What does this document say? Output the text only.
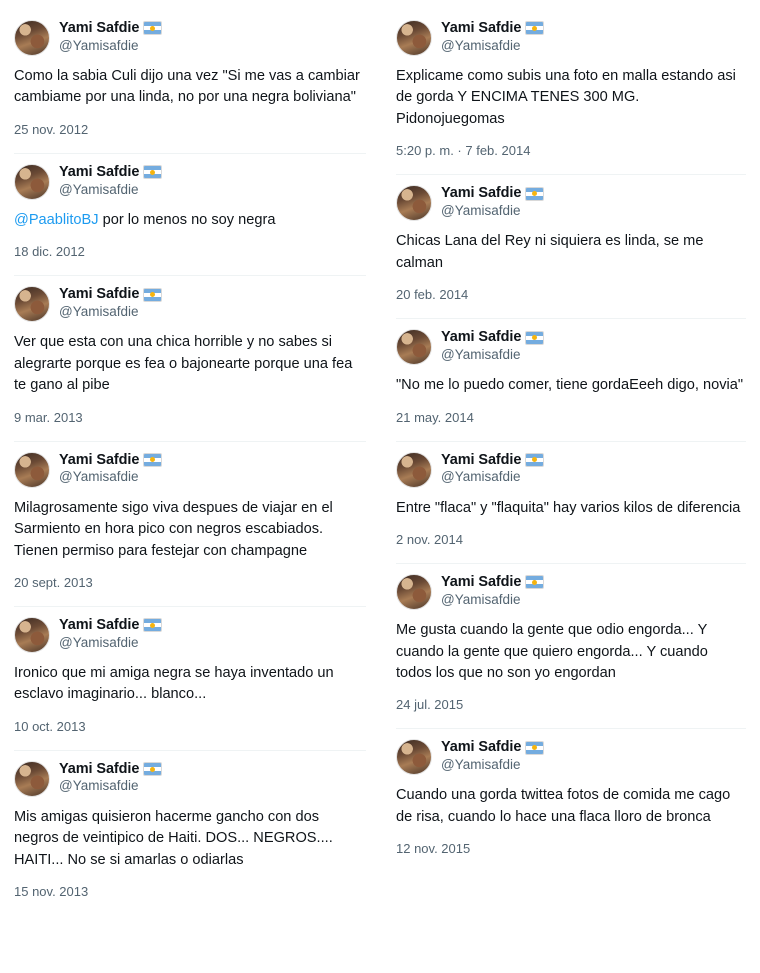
Yami Safdie
@Yamisafdie

Como la sabia Culi dijo una vez "Si me vas a cambiar cambiame por una linda, no por una negra boliviana"

25 nov. 2012
Yami Safdie
@Yamisafdie

@PaablitoBJ por lo menos no soy negra

18 dic. 2012
Yami Safdie
@Yamisafdie

Ver que esta con una chica horrible y no sabes si alegrarte porque es fea o bajonearte porque una fea te gano al pibe

9 mar. 2013
Yami Safdie
@Yamisafdie

Milagrosamente sigo viva despues de viajar en el Sarmiento en hora pico con negros escabiados. Tienen permiso para festejar con champagne

20 sept. 2013
Yami Safdie
@Yamisafdie

Ironico que mi amiga negra se haya inventado un esclavo imaginario... blanco...

10 oct. 2013
Yami Safdie
@Yamisafdie

Mis amigas quisieron hacerme gancho con dos negros de veintipico de Haiti. DOS... NEGROS.... HAITI... No se si amarlas o odiarlas

15 nov. 2013
Yami Safdie
@Yamisafdie

Explicame como subis una foto en malla estando asi de gorda Y ENCIMA TENES 300 MG. Pidonojuegomas

5:20 p. m. · 7 feb. 2014
Yami Safdie
@Yamisafdie

Chicas Lana del Rey ni siquiera es linda, se me calman

20 feb. 2014
Yami Safdie
@Yamisafdie

"No me lo puedo comer, tiene gordaEeeh digo, novia"

21 may. 2014
Yami Safdie
@Yamisafdie

Entre "flaca" y "flaquita" hay varios kilos de diferencia

2 nov. 2014
Yami Safdie
@Yamisafdie

Me gusta cuando la gente que odio engorda... Y cuando la gente que quiero engorda... Y cuando todos los que no son yo engordan

24 jul. 2015
Yami Safdie
@Yamisafdie

Cuando una gorda twittea fotos de comida me cago de risa, cuando lo hace una flaca lloro de bronca

12 nov. 2015
